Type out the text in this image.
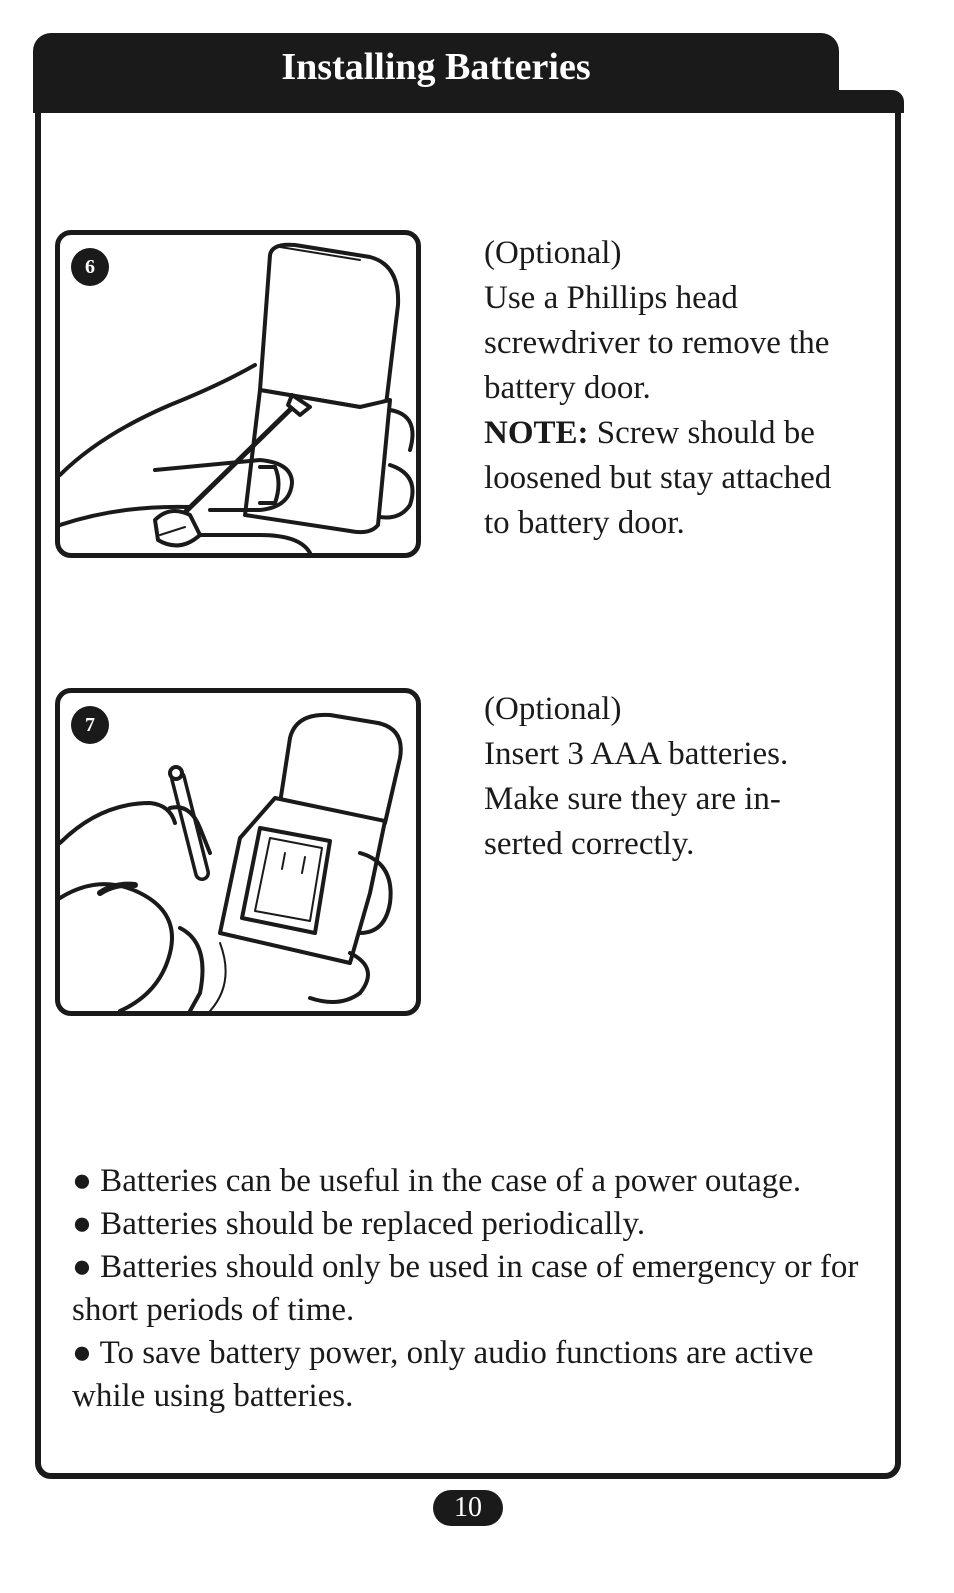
Installing Batteries
6	(Optional)
Use a Phillips head
screwdriver to remove the
battery door.
NOTE: Screw should be
loosened but stay attached
to battery door.
7	(Optional)
Insert 3 AAA batteries.
Make sure they are in-
serted correctly.

● Batteries can be useful in the case of a power outage.

● Batteries should be replaced periodically.

● Batteries should only be used in case of emergency or for short periods of time.

● To save battery power, only audio functions are active while using batteries.

10
